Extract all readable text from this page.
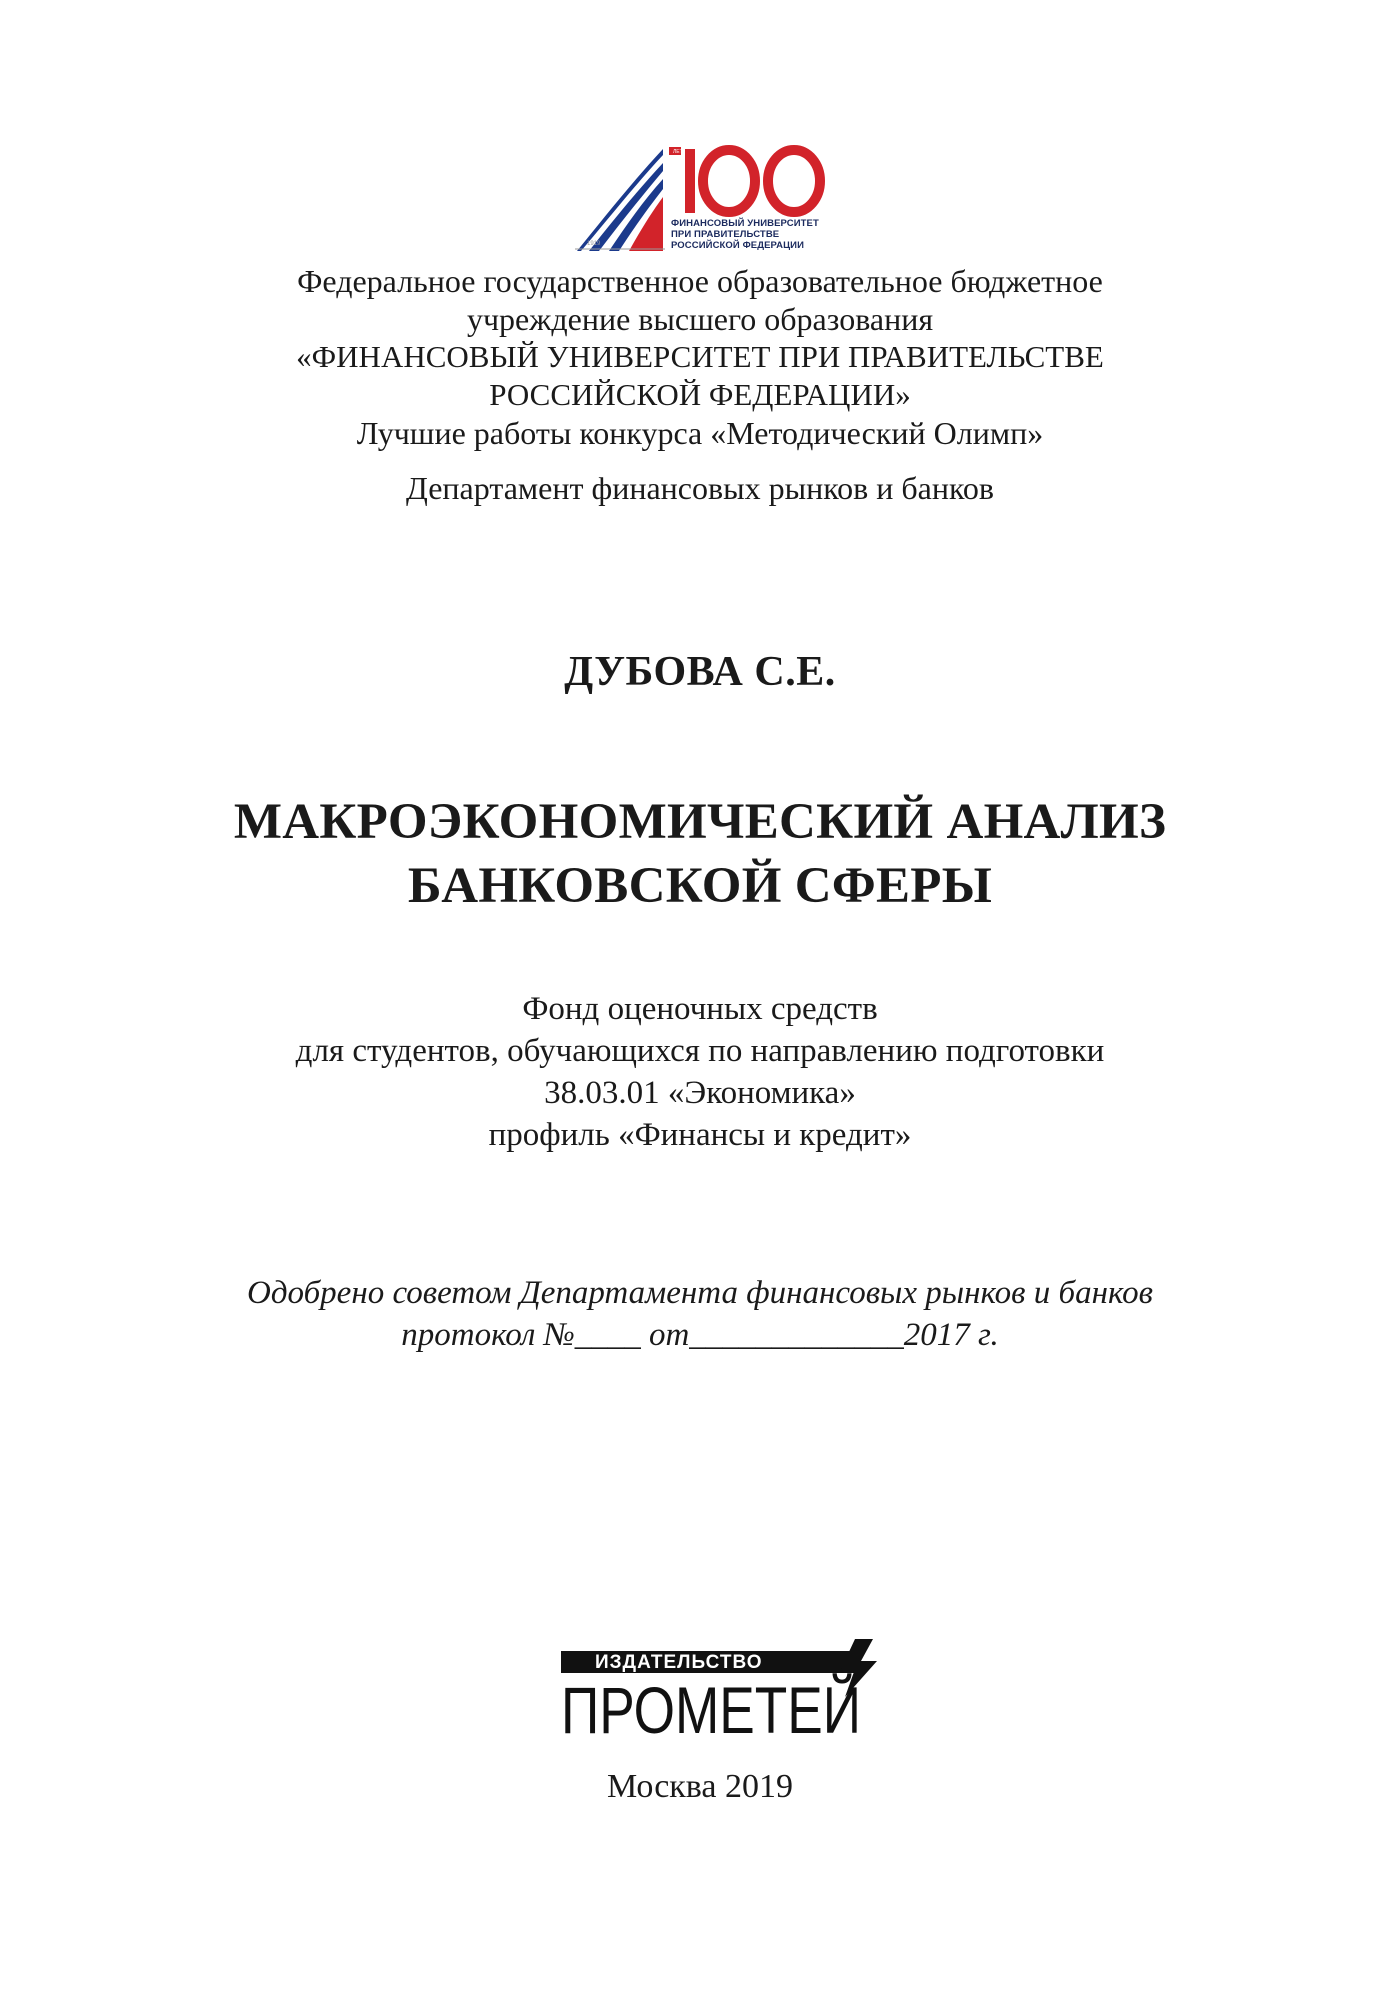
1919
ЛЕТ
ФИНАНСОВЫЙ УНИВЕРСИТЕТ
ПРИ ПРАВИТЕЛЬСТВЕ
РОССИЙСКОЙ ФЕДЕРАЦИИ
Федеральное государственное образовательное бюджетное
учреждение высшего образования
«ФИНАНСОВЫЙ УНИВЕРСИТЕТ ПРИ ПРАВИТЕЛЬСТВЕ
РОССИЙСКОЙ ФЕДЕРАЦИИ»
Лучшие работы конкурса «Методический Олимп»
Департамент финансовых рынков и банков
ДУБОВА С.Е.
МАКРОЭКОНОМИЧЕСКИЙ АНАЛИЗ
БАНКОВСКОЙ СФЕРЫ
Фонд оценочных средств
для студентов, обучающихся по направлению подготовки
38.03.01 «Экономика»
профиль «Финансы и кредит»
Одобрено советом Департамента финансовых рынков и банков
протокол №____ от_____________2017 г.
ИЗДАТЕЛЬСТВО
ПРОМЕТЕЙ
Москва 2019
